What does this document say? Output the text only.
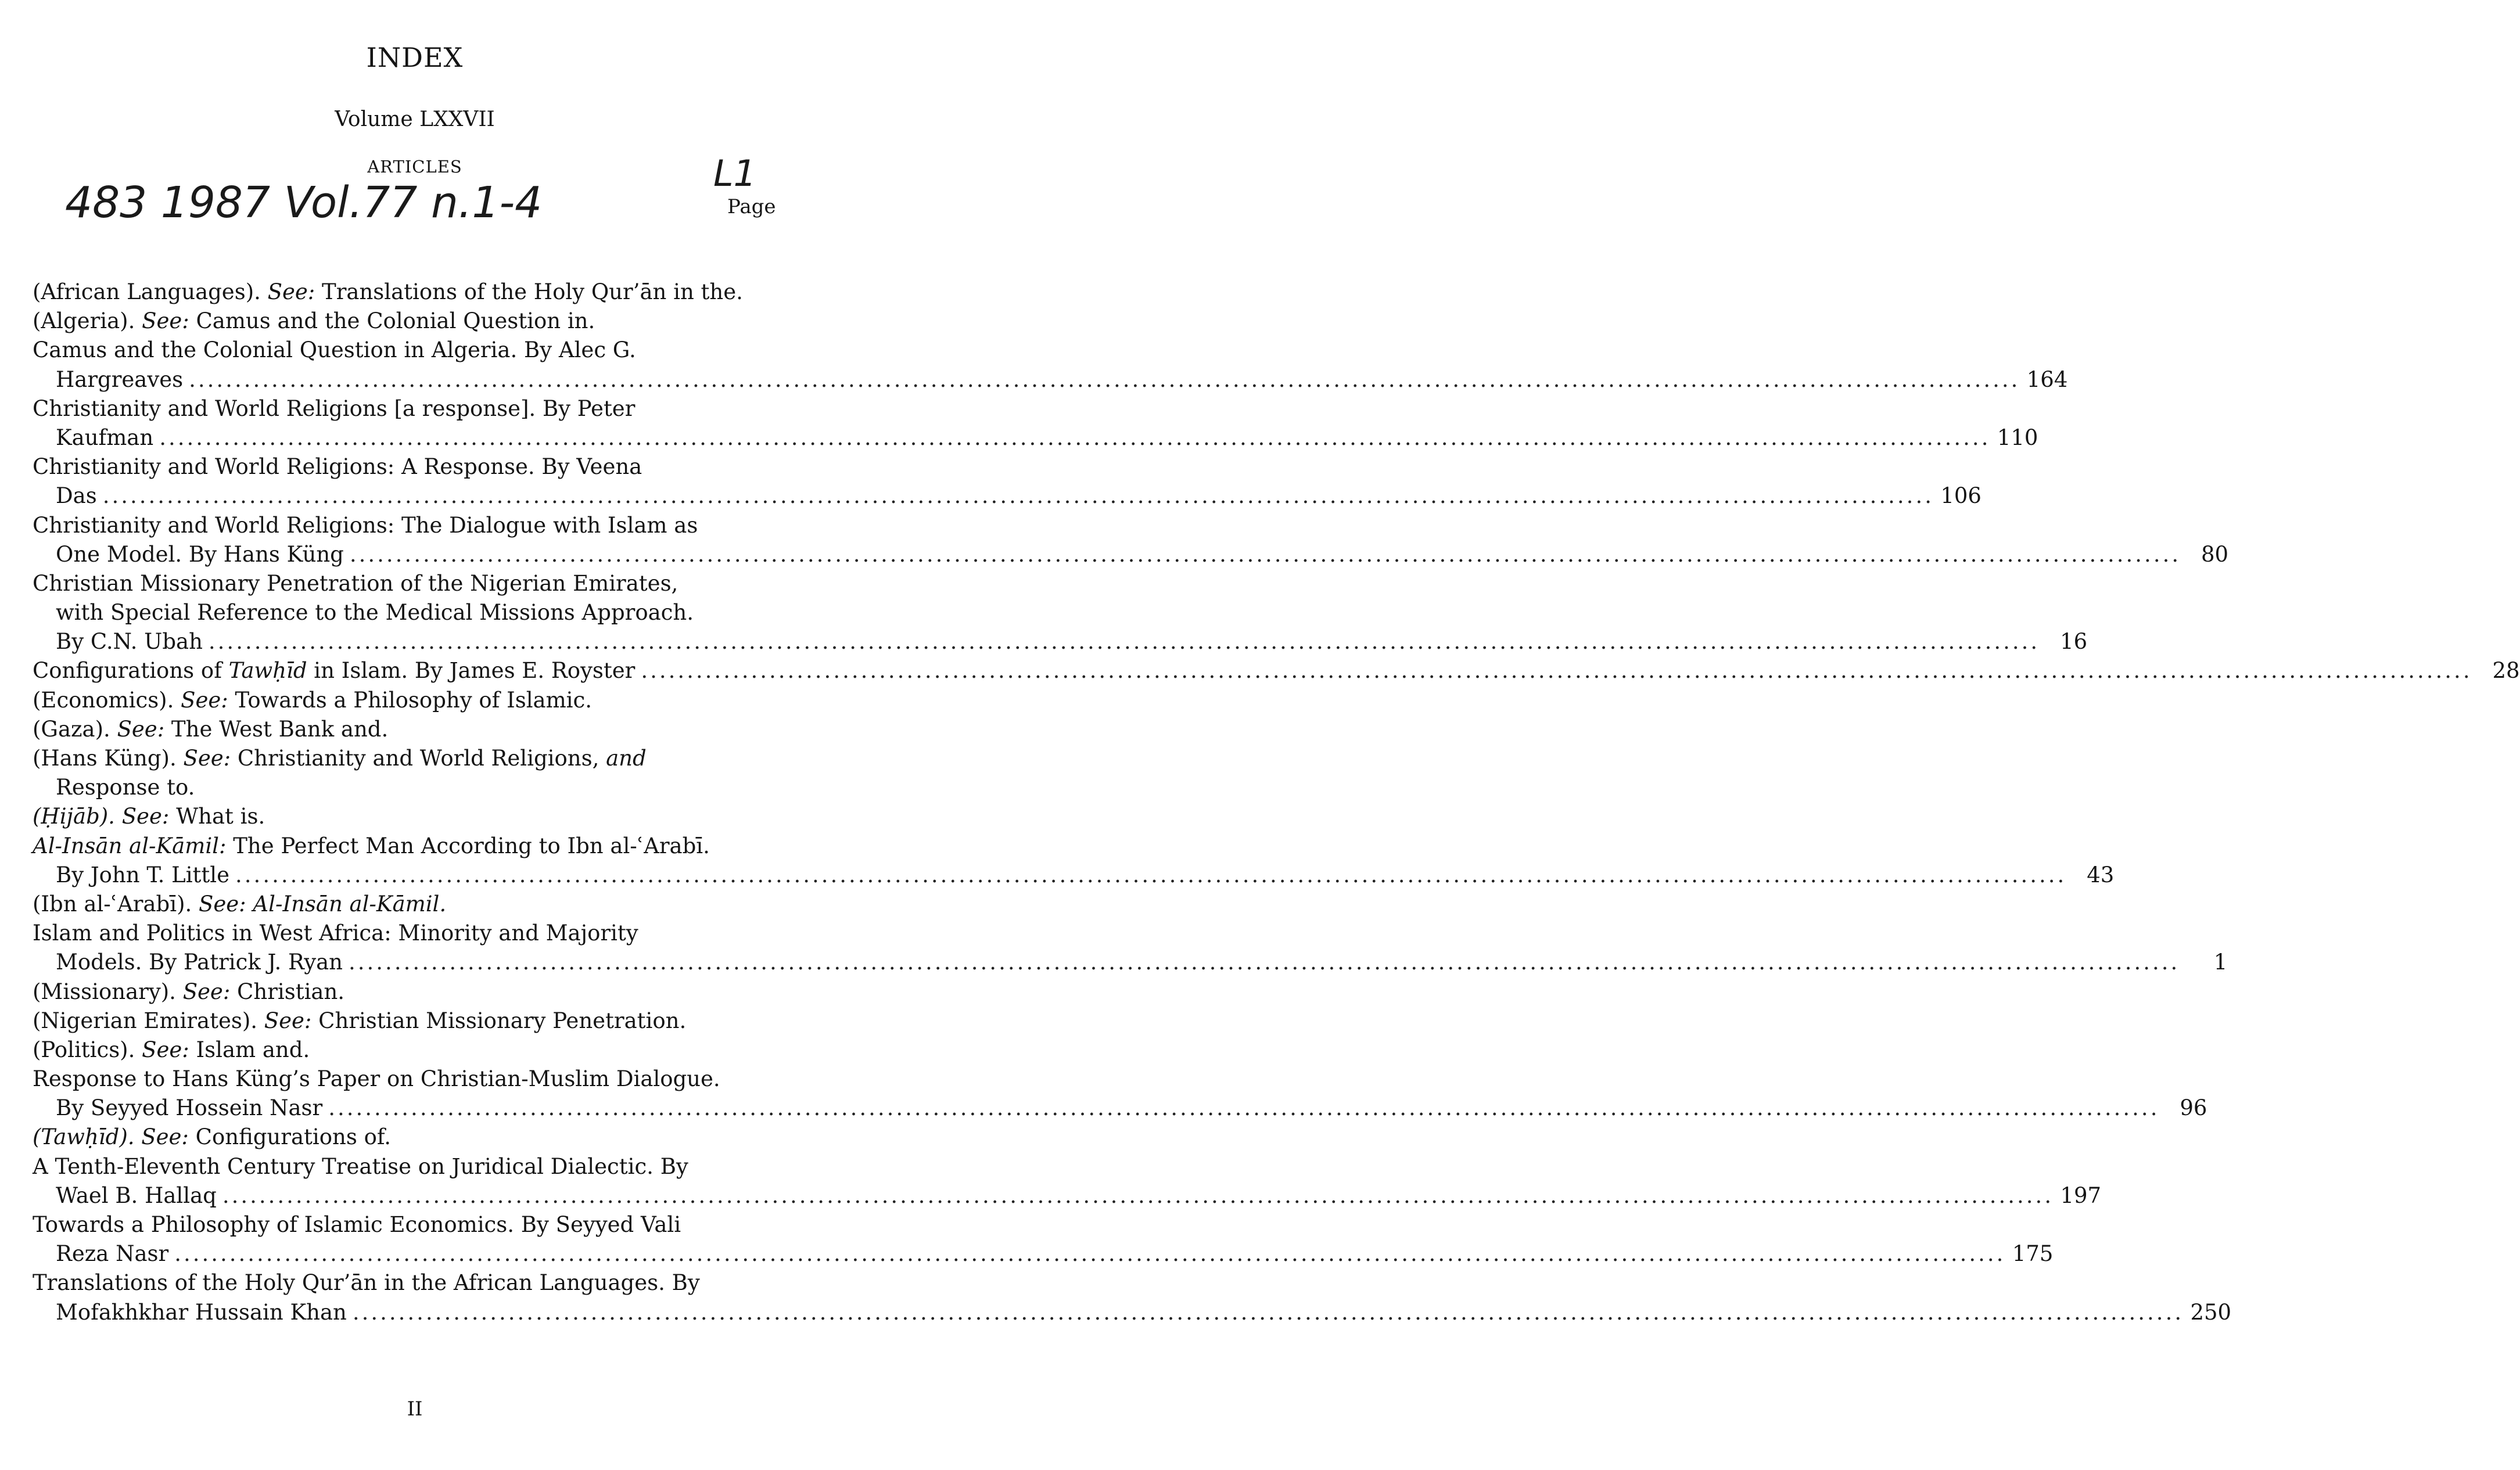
INDEX
Volume LXXVII
ARTICLES
483 1987 Vol.77 n.1-4
L1
Page
(African Languages). See: Translations of the Holy Qur’ān in the.
(Algeria). See: Camus and the Colonial Question in.
Camus and the Colonial Question in Algeria. By Alec G.
Hargreaves ........................................................................................................................................................................................................ 164
Christianity and World Religions [a response]. By Peter
Kaufman ........................................................................................................................................................................................................ 110
Christianity and World Religions: A Response. By Veena
Das ........................................................................................................................................................................................................ 106
Christianity and World Religions: The Dialogue with Islam as
One Model. By Hans Küng ........................................................................................................................................................................................................ 80
Christian Missionary Penetration of the Nigerian Emirates,
with Special Reference to the Medical Missions Approach.
By C.N. Ubah ........................................................................................................................................................................................................ 16
Configurations of Tawḥīd in Islam. By James E. Royster ........................................................................................................................................................................................................ 28
(Economics). See: Towards a Philosophy of Islamic.
(Gaza). See: The West Bank and.
(Hans Küng). See: Christianity and World Religions, and
Response to.
(Ḥijāb). See: What is.
Al-Insān al-Kāmil: The Perfect Man According to Ibn al-ʿArabī.
By John T. Little ........................................................................................................................................................................................................ 43
(Ibn al-ʿArabī). See: Al-Insān al-Kāmil.
Islam and Politics in West Africa: Minority and Majority
Models. By Patrick J. Ryan ........................................................................................................................................................................................................	1
(Missionary). See: Christian.
(Nigerian Emirates). See: Christian Missionary Penetration.
(Politics). See: Islam and.
Response to Hans Küng’s Paper on Christian-Muslim Dialogue.
By Seyyed Hossein Nasr ........................................................................................................................................................................................................ 96
(Tawḥīd). See: Configurations of.
A Tenth-Eleventh Century Treatise on Juridical Dialectic. By
Wael B. Hallaq ........................................................................................................................................................................................................ 197
Towards a Philosophy of Islamic Economics. By Seyyed Vali
Reza Nasr ........................................................................................................................................................................................................ 175
Translations of the Holy Qur’ān in the African Languages. By
Mofakhkhar Hussain Khan ........................................................................................................................................................................................................ 250
II
